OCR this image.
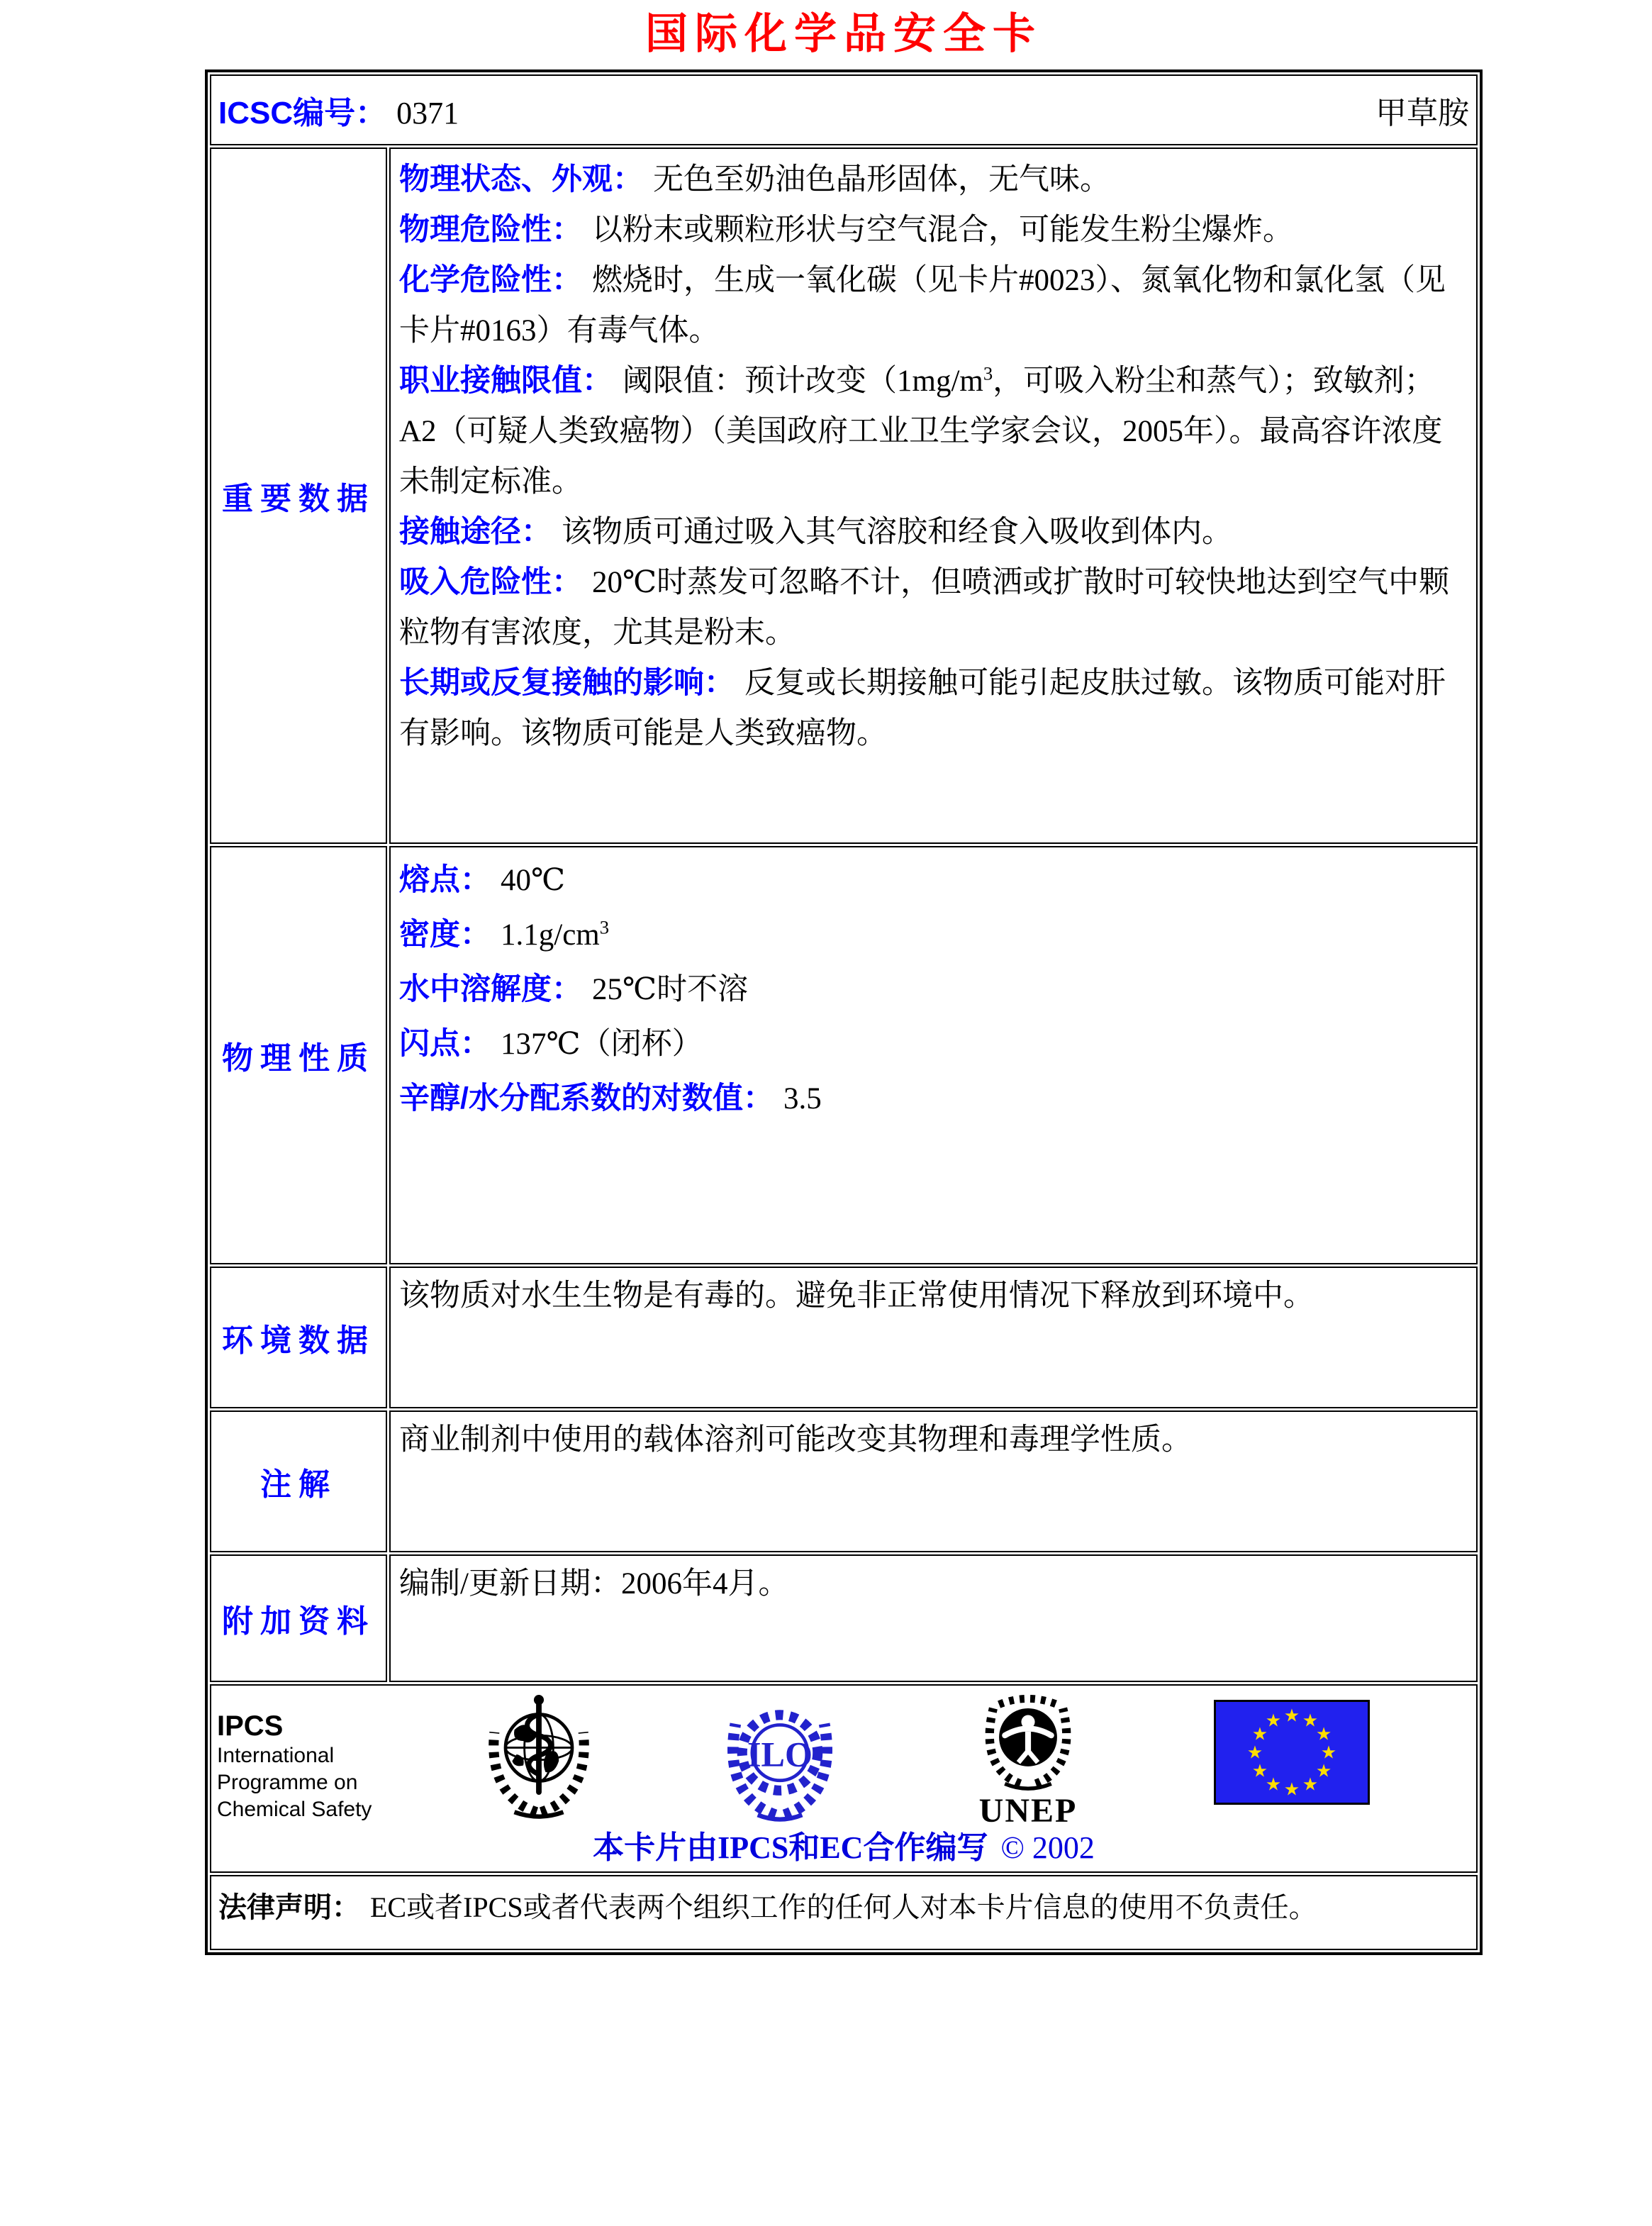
国际化学品安全卡
ICSC编号： 0371 甲草胺	

重要数据

物理状态、外观： 无色至奶油色晶形固体，无气味。
物理危险性： 以粉末或颗粒形状与空气混合，可能发生粉尘爆炸。
化学危险性： 燃烧时，生成一氧化碳（见卡片#0023）、氮氧化物和氯化氢（见卡片#0163）有毒气体。
职业接触限值： 阈限值：预计改变（$1mg/m^3$，可吸入粉尘和蒸气）；致敏剂；A2（可疑人类致癌物）（美国政府工业卫生学家会议，2005年）。最高容许浓度未制定标准。
接触途径： 该物质可通过吸入其气溶胶和经食入吸收到体内。
吸入危险性： 20℃时蒸发可忽略不计，但喷洒或扩散时可较快地达到空气中颗粒物有害浓度，尤其是粉末。
长期或反复接触的影响： 反复或长期接触可能引起皮肤过敏。该物质可能对肝有影响。该物质可能是人类致癌物。

物理性质	熔点： 40℃
密度： $1.1g/cm^3$
水中溶解度： 25℃时不溶
闪点： 137℃（闭杯）
辛醇/水分配系数的对数值： 3.5

环境数据	该物质对水生生物是有毒的。避免非正常使用情况下释放到环境中。

注解	商业制剂中使用的载体溶剂可能改变其物理和毒理学性质。

附加资料	编制/更新日期：2006年4月。

IPCS
International
Programme on
Chemical Safety
ILO
UNEP
★ ★
★
★
★
★
★
★
★
★
★
★
本卡片由IPCS和EC合作编写 © 2002

法律声明： EC或者IPCS或者代表两个组织工作的任何人对本卡片信息的使用不负责任。	
